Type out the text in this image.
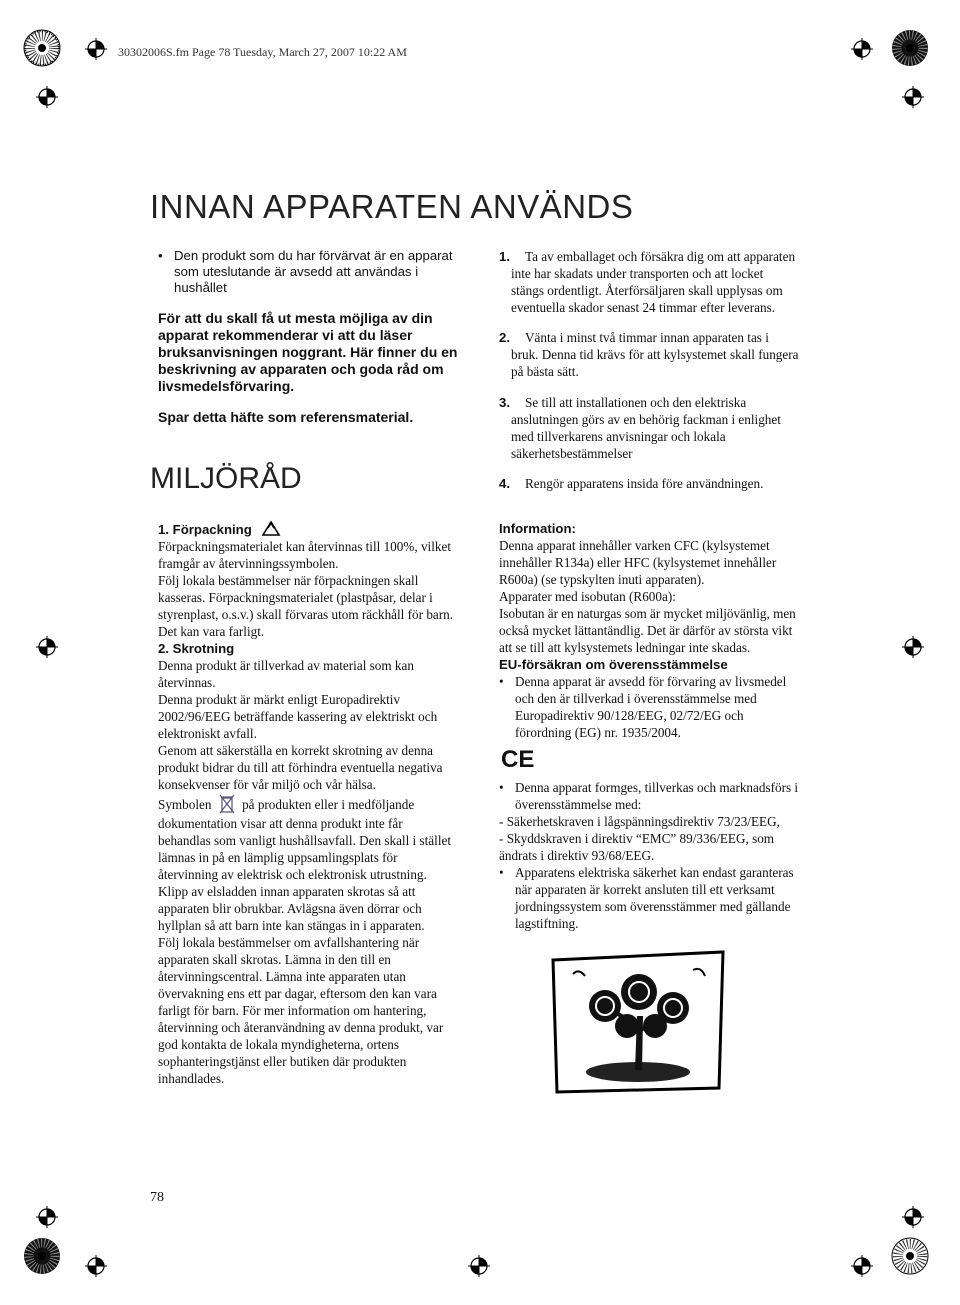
30302006S.fm Page 78 Tuesday, March 27, 2007 10:22 AM
INNAN APPARATEN ANVÄNDS
MILJÖRÅD

• Den produkt som du har förvärvat är en apparat som uteslutande är avsedd att användas i hushållet

För att du skall få ut mesta möjliga av din apparat rekommenderar vi att du läser bruksanvisningen noggrant. Här finner du en beskrivning av apparaten och goda råd om livsmedelsförvaring.

Spar detta häfte som referensmaterial.

1. Ta av emballaget och försäkra dig om att apparaten inte har skadats under transporten och att locket stängs ordentligt. Återförsäljaren skall upplysas om eventuella skador senast 24 timmar efter leverans.

2. Vänta i minst två timmar innan apparaten tas i bruk. Denna tid krävs för att kylsystemet skall fungera på bästa sätt.

3. Se till att installationen och den elektriska anslutningen görs av en behörig fackman i enlighet med tillverkarens anvisningar och lokala säkerhetsbestämmelser

4. Rengör apparatens insida före användningen.

1. Förpackning

Förpackningsmaterialet kan återvinnas till 100%, vilket framgår av återvinningssymbolen.

Följ lokala bestämmelser när förpackningen skall kasseras. Förpackningsmaterialet (plastpåsar, delar i styrenplast, o.s.v.) skall förvaras utom räckhåll för barn. Det kan vara farligt.

2. Skrotning

Denna produkt är tillverkad av material som kan återvinnas.

Denna produkt är märkt enligt Europadirektiv 2002/96/EEG beträffande kassering av elektriskt och elektroniskt avfall.

Genom att säkerställa en korrekt skrotning av denna produkt bidrar du till att förhindra eventuella negativa konsekvenser för vår miljö och vår hälsa.

Symbolen på produkten eller i medföljande dokumentation visar att denna produkt inte får behandlas som vanligt hushållsavfall. Den skall i stället lämnas in på en lämplig uppsamlingsplats för återvinning av elektrisk och elektronisk utrustning.

Klipp av elsladden innan apparaten skrotas så att apparaten blir obrukbar. Avlägsna även dörrar och hyllplan så att barn inte kan stängas in i apparaten.

Följ lokala bestämmelser om avfallshantering när apparaten skall skrotas. Lämna in den till en återvinningscentral. Lämna inte apparaten utan övervakning ens ett par dagar, eftersom den kan vara farligt för barn. För mer information om hantering, återvinning och återanvändning av denna produkt, var god kontakta de lokala myndigheterna, ortens sophanteringstjänst eller butiken där produkten inhandlades.

Information:

Denna apparat innehåller varken CFC (kylsystemet innehåller R134a) eller HFC (kylsystemet innehåller R600a) (se typskylten inuti apparaten).

Apparater med isobutan (R600a):

Isobutan är en naturgas som är mycket miljövänlig, men också mycket lättantändlig. Det är därför av största vikt att se till att kylsystemets ledningar inte skadas.

EU-försäkran om överensstämmelse

• Denna apparat är avsedd för förvaring av livsmedel och den är tillverkad i överensstämmelse med Europadirektiv 90/128/EEG, 02/72/EG och förordning (EG) nr. 1935/2004.

CE

• Denna apparat formges, tillverkas och marknadsförs i överensstämmelse med:

- Säkerhetskraven i lågspänningsdirektiv 73/23/EEG,

- Skyddskraven i direktiv “EMC” 89/336/EEG, som ändrats i direktiv 93/68/EEG.

• Apparatens elektriska säkerhet kan endast garanteras när apparaten är korrekt ansluten till ett verksamt jordningssystem som överensstämmer med gällande lagstiftning.

78
